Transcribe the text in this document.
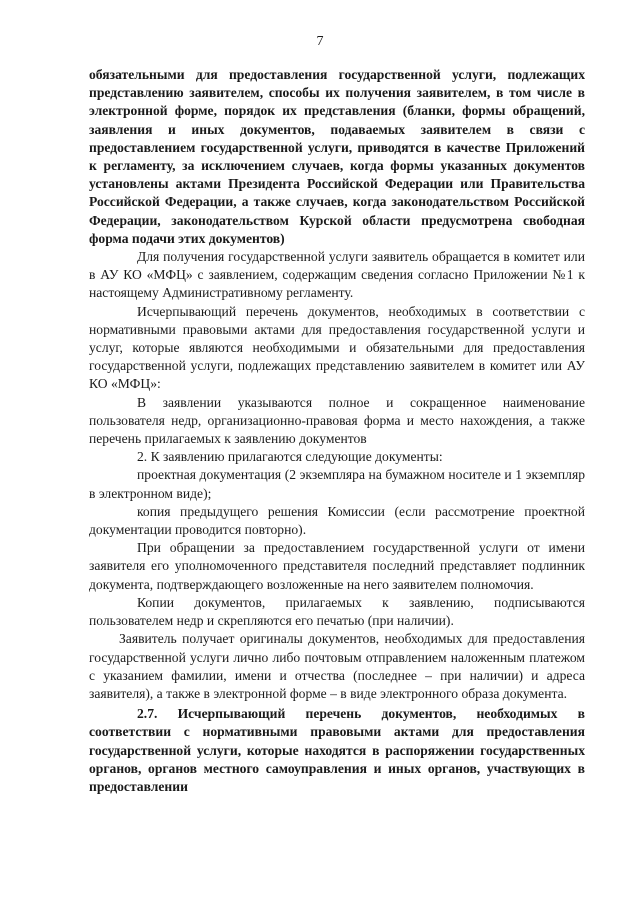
7

обязательными для предоставления государственной услуги, подлежащих представлению заявителем, способы их получения заявителем, в том числе в электронной форме, порядок их представления (бланки, формы обращений, заявления и иных документов, подаваемых заявителем в связи с предоставлением государственной услуги, приводятся в качестве Приложений к регламенту, за исключением случаев, когда формы указанных документов установлены актами Президента Российской Федерации или Правительства Российской Федерации, а также случаев, когда законодательством Российской Федерации, законодательством Курской области предусмотрена свободная форма подачи этих документов)

Для получения государственной услуги заявитель обращается в комитет или в АУ КО «МФЦ» с заявлением, содержащим сведения согласно Приложении №1 к настоящему Административному регламенту.

Исчерпывающий перечень документов, необходимых в соответствии с нормативными правовыми актами для предоставления государственной услуги и услуг, которые являются необходимыми и обязательными для предоставления государственной услуги, подлежащих представлению заявителем в комитет или АУ КО «МФЦ»:

В заявлении указываются полное и сокращенное наименование пользователя недр, организационно-правовая форма и место нахождения, а также перечень прилагаемых к заявлению документов

2. К заявлению прилагаются следующие документы:

проектная документация (2 экземпляра на бумажном носителе и 1 экземпляр в электронном виде);

копия предыдущего решения Комиссии (если рассмотрение проектной документации проводится повторно).

При обращении за предоставлением государственной услуги от имени заявителя его уполномоченного представителя последний представляет подлинник документа, подтверждающего возложенные на него заявителем полномочия.

Копии документов, прилагаемых к заявлению, подписываются пользователем недр и скрепляются его печатью (при наличии).

Заявитель получает оригиналы документов, необходимых для предоставления государственной услуги лично либо почтовым отправлением наложенным платежом с указанием фамилии, имени и отчества (последнее – при наличии) и адреса заявителя), а также в электронной форме – в виде электронного образа документа.

2.7. Исчерпывающий перечень документов, необходимых в соответствии с нормативными правовыми актами для предоставления государственной услуги, которые находятся в распоряжении государственных органов, органов местного самоуправления и иных органов, участвующих в предоставлении
